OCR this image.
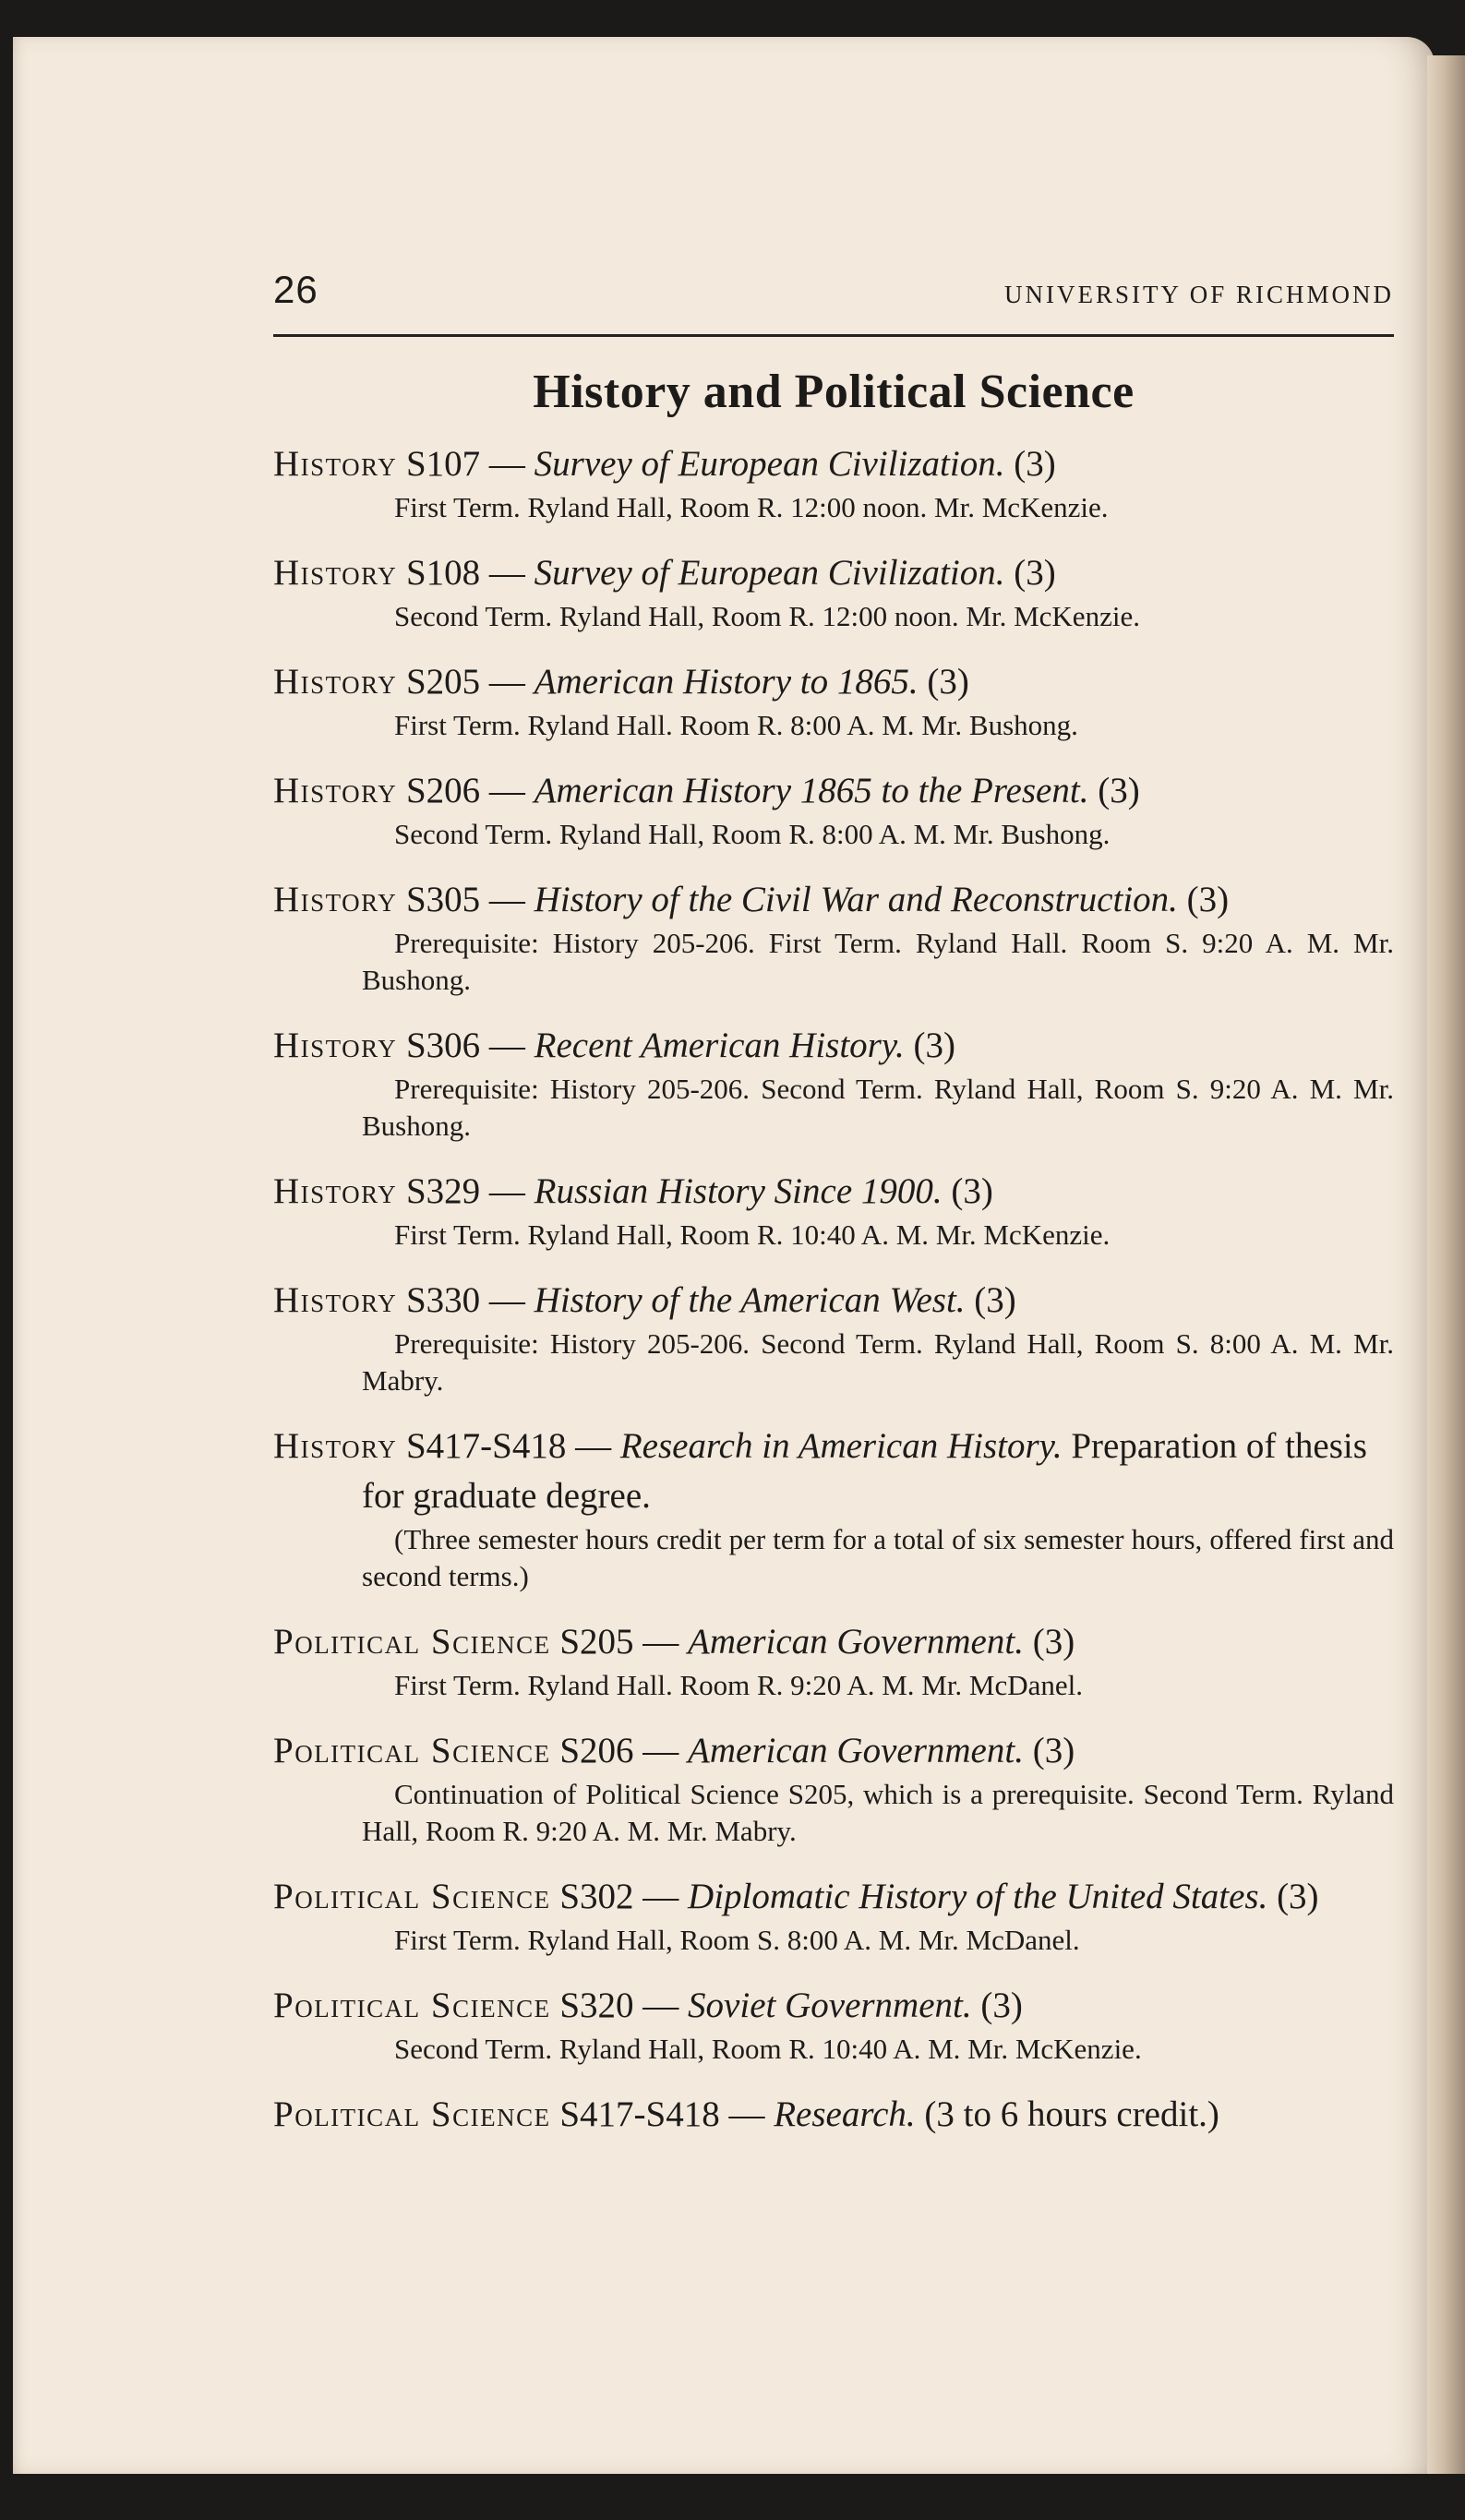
26	UNIVERSITY OF RICHMOND
History and Political Science
History S107 — Survey of European Civilization. (3)
First Term. Ryland Hall, Room R. 12:00 noon. Mr. McKenzie.
History S108 — Survey of European Civilization. (3)
Second Term. Ryland Hall, Room R. 12:00 noon. Mr. McKenzie.
History S205 — American History to 1865. (3)
First Term. Ryland Hall. Room R. 8:00 A. M. Mr. Bushong.
History S206 — American History 1865 to the Present. (3)
Second Term. Ryland Hall, Room R. 8:00 A. M. Mr. Bushong.
History S305 — History of the Civil War and Reconstruction. (3)
Prerequisite: History 205-206. First Term. Ryland Hall. Room S. 9:20 A. M. Mr. Bushong.
History S306 — Recent American History. (3)
Prerequisite: History 205-206. Second Term. Ryland Hall, Room S. 9:20 A. M. Mr. Bushong.
History S329 — Russian History Since 1900. (3)
First Term. Ryland Hall, Room R. 10:40 A. M. Mr. McKenzie.
History S330 — History of the American West. (3)
Prerequisite: History 205-206. Second Term. Ryland Hall, Room S. 8:00 A. M. Mr. Mabry.
History S417-S418 — Research in American History. Preparation of thesis for graduate degree.
(Three semester hours credit per term for a total of six semester hours, offered first and second terms.)
Political Science S205 — American Government. (3)
First Term. Ryland Hall. Room R. 9:20 A. M. Mr. McDanel.
Political Science S206 — American Government. (3)
Continuation of Political Science S205, which is a prerequisite. Second Term. Ryland Hall, Room R. 9:20 A. M. Mr. Mabry.
Political Science S302 — Diplomatic History of the United States. (3)
First Term. Ryland Hall, Room S. 8:00 A. M. Mr. McDanel.
Political Science S320 — Soviet Government. (3)
Second Term. Ryland Hall, Room R. 10:40 A. M. Mr. McKenzie.
Political Science S417-S418 — Research. (3 to 6 hours credit.)
